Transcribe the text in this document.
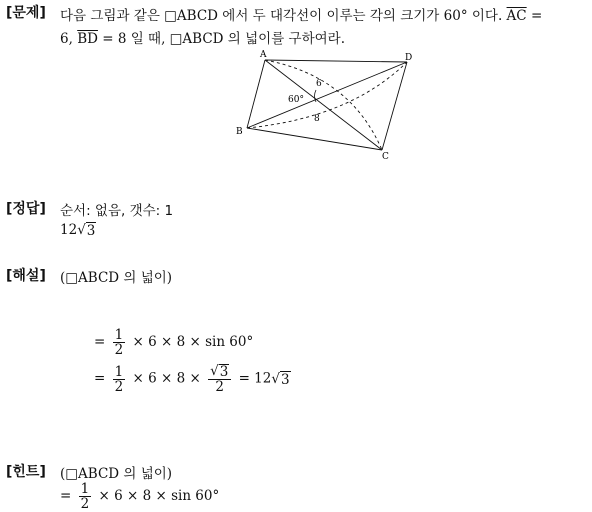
[문제] 다음 그림과 같은 □ABCD 에서 두 대각선이 이루는 각의 크기가 60° 이다. $\overline{AC}$ =
6, $\overline{BD} = 8$ 일 때, □ABCD 의 넓이를 구하여라.
A
B
C
D
6
8
60°
[정답] 순서: 없음, 갯수: 1
12 √ 3
[해설] (□ABCD 의 넓이)
= $\frac{1}{2} \times 6 \times 8 \times \sin 60^\circ$
= $\frac{1}{2} \times 6 \times 8 \times \frac{√ 3}{2} = 12$ √ 3
[힌트] (□ABCD 의 넓이)
= $\frac{1}{2} \times 6 \times 8 \times \sin 60^\circ$
